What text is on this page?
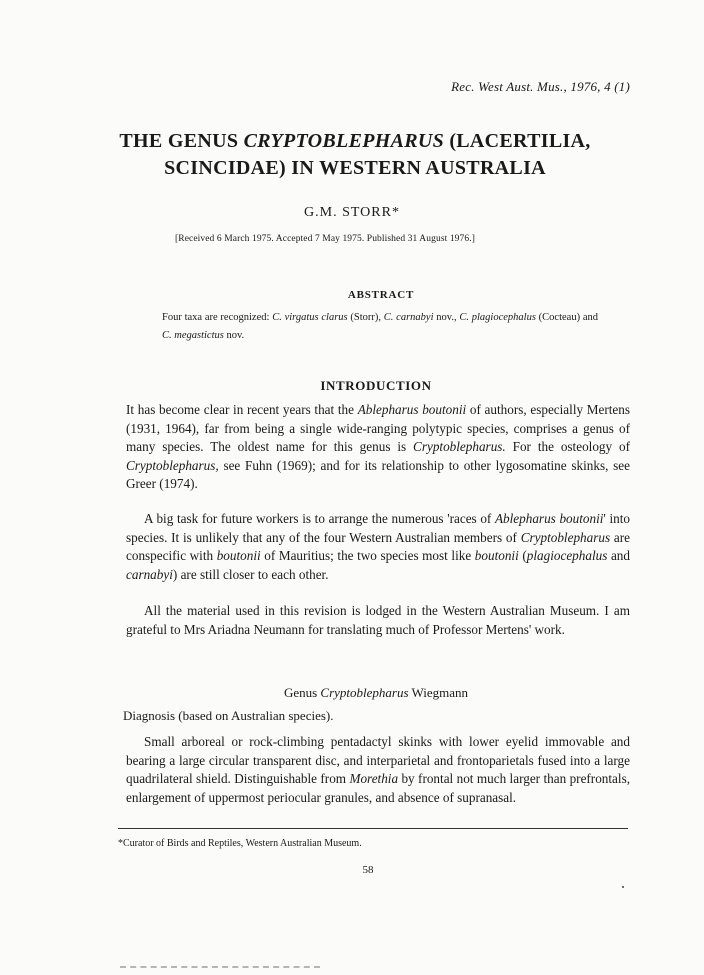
Rec. West Aust. Mus., 1976, 4 (1)
THE GENUS CRYPTOBLEPHARUS (LACERTILIA,
SCINCIDAE) IN WESTERN AUSTRALIA
G.M. STORR*
[Received 6 March 1975. Accepted 7 May 1975. Published 31 August 1976.]
ABSTRACT
Four taxa are recognized: C. virgatus clarus (Storr), C. carnabyi nov., C. plagiocephalus (Cocteau) and C. megastictus nov.
INTRODUCTION
It has become clear in recent years that the Ablepharus boutonii of authors, especially Mertens (1931, 1964), far from being a single wide-ranging polytypic species, comprises a genus of many species. The oldest name for this genus is Cryptoblepharus. For the osteology of Cryptoblepharus, see Fuhn (1969); and for its relationship to other lygosomatine skinks, see Greer (1974).
A big task for future workers is to arrange the numerous 'races of Ablepharus boutonii' into species. It is unlikely that any of the four Western Australian members of Cryptoblepharus are conspecific with boutonii of Mauritius; the two species most like boutonii (plagiocephalus and carnabyi) are still closer to each other.
All the material used in this revision is lodged in the Western Australian Museum. I am grateful to Mrs Ariadna Neumann for translating much of Professor Mertens' work.
Genus Cryptoblepharus Wiegmann
Diagnosis (based on Australian species).
Small arboreal or rock-climbing pentadactyl skinks with lower eyelid immovable and bearing a large circular transparent disc, and interparietal and frontoparietals fused into a large quadrilateral shield. Distinguishable from Morethia by frontal not much larger than prefrontals, enlargement of uppermost periocular granules, and absence of supranasal.
*Curator of Birds and Reptiles, Western Australian Museum.
58
